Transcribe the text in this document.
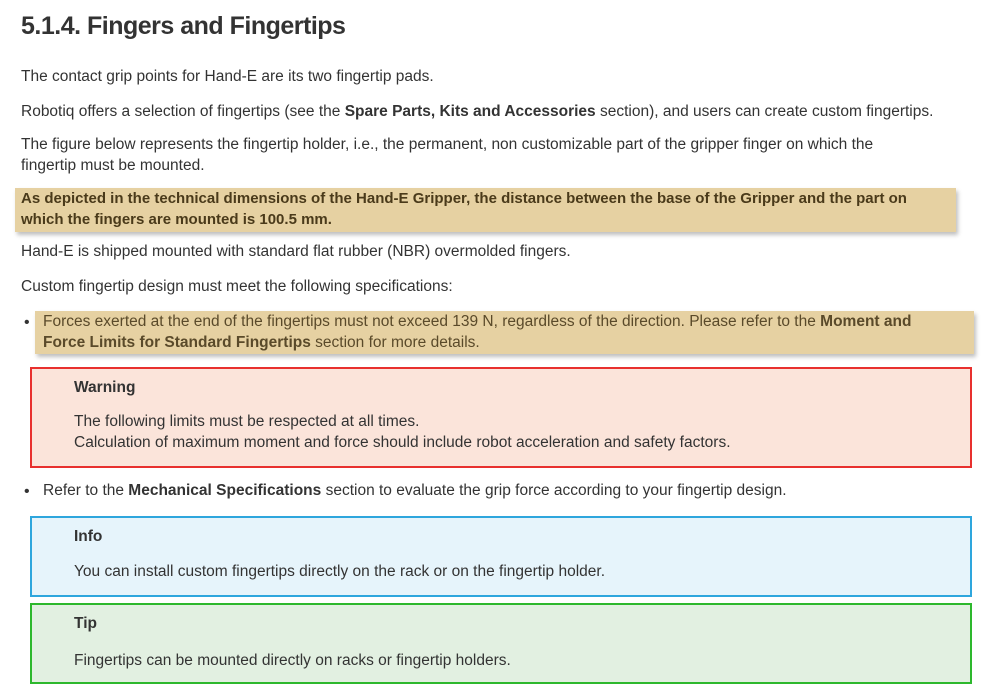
5.1.4. Fingers and Fingertips

The contact grip points for Hand-E are its two fingertip pads.

Robotiq offers a selection of fingertips (see the Spare Parts, Kits and Accessories section), and users can create custom fingertips.

The figure below represents the fingertip holder, i.e., the permanent, non customizable part of the gripper finger on which the
fingertip must be mounted.

As depicted in the technical dimensions of the Hand-E Gripper, the distance between the base of the Gripper and the part on
which the fingers are mounted is 100.5 mm.

Hand-E is shipped mounted with standard flat rubber (NBR) overmolded fingers.

Custom fingertip design must meet the following specifications:

• Forces exerted at the end of the fingertips must not exceed 139 N, regardless of the direction. Please refer to the Moment and
Force Limits for Standard Fingertips section for more details.

Warning
The following limits must be respected at all times.
Calculation of maximum moment and force should include robot acceleration and safety factors.
• Refer to the Mechanical Specifications section to evaluate the grip force according to your fingertip design.

Info
You can install custom fingertips directly on the rack or on the fingertip holder.
Tip
Fingertips can be mounted directly on racks or fingertip holders.
